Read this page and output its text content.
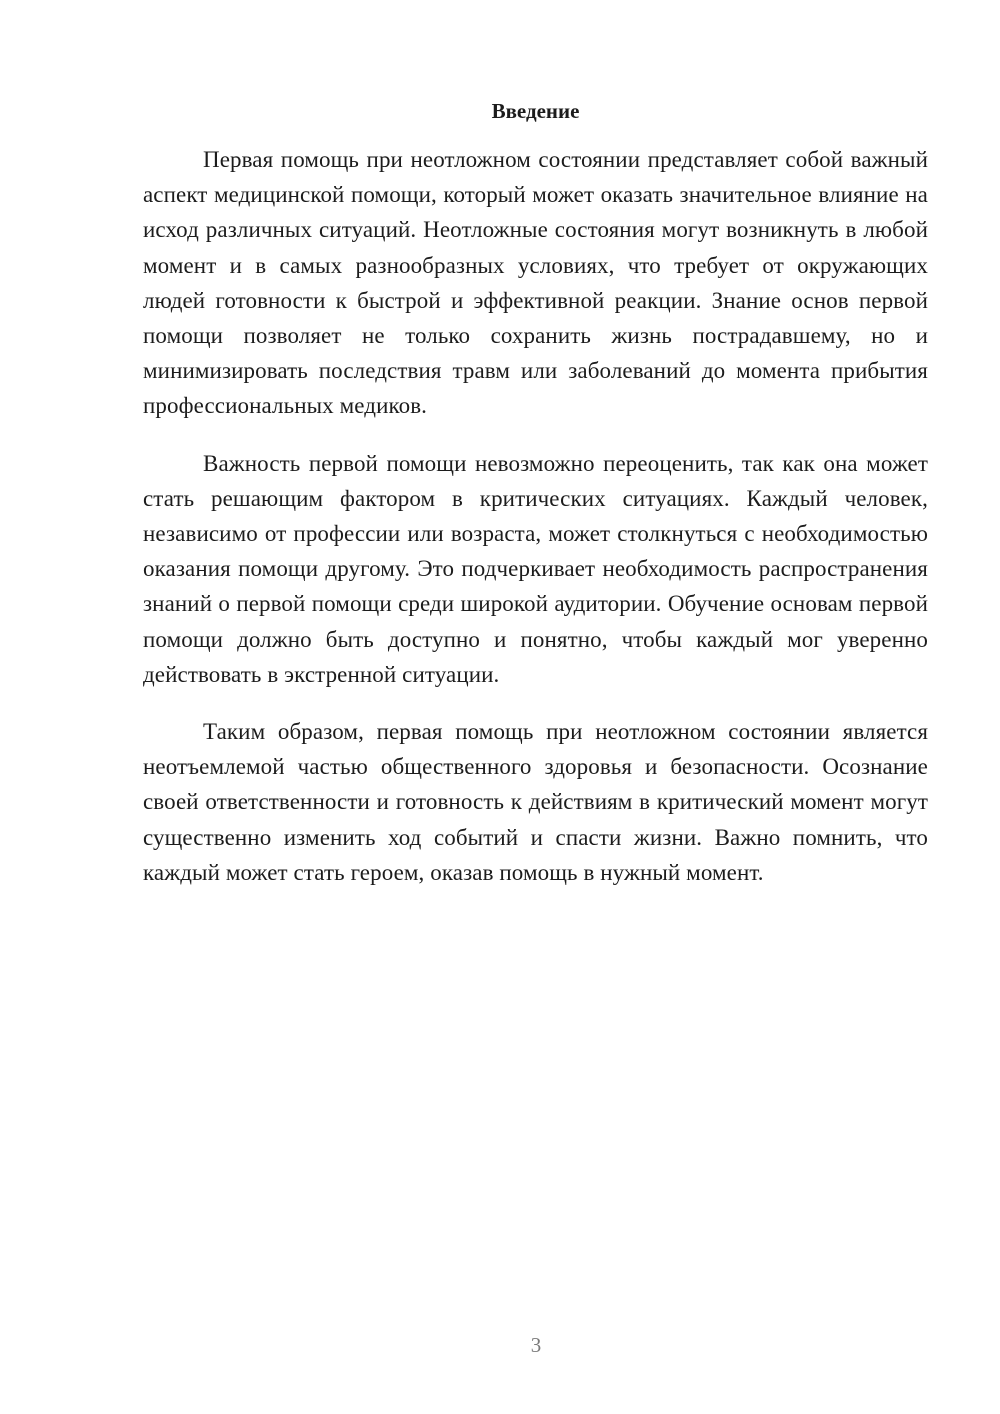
Введение

Первая помощь при неотложном состоянии представляет собой важный аспект медицинской помощи, который может оказать значительное влияние на исход различных ситуаций. Неотложные состояния могут возникнуть в любой момент и в самых разнообразных условиях, что требует от окружающих людей готовности к быстрой и эффективной реакции. Знание основ первой помощи позволяет не только сохранить жизнь пострадавшему, но и минимизировать последствия травм или заболеваний до момента прибытия профессиональных медиков.

Важность первой помощи невозможно переоценить, так как она может стать решающим фактором в критических ситуациях. Каждый человек, независимо от профессии или возраста, может столкнуться с необходимостью оказания помощи другому. Это подчеркивает необходимость распространения знаний о первой помощи среди широкой аудитории. Обучение основам первой помощи должно быть доступно и понятно, чтобы каждый мог уверенно действовать в экстренной ситуации.

Таким образом, первая помощь при неотложном состоянии является неотъемлемой частью общественного здоровья и безопасности. Осознание своей ответственности и готовность к действиям в критический момент могут существенно изменить ход событий и спасти жизни. Важно помнить, что каждый может стать героем, оказав помощь в нужный момент.

3
